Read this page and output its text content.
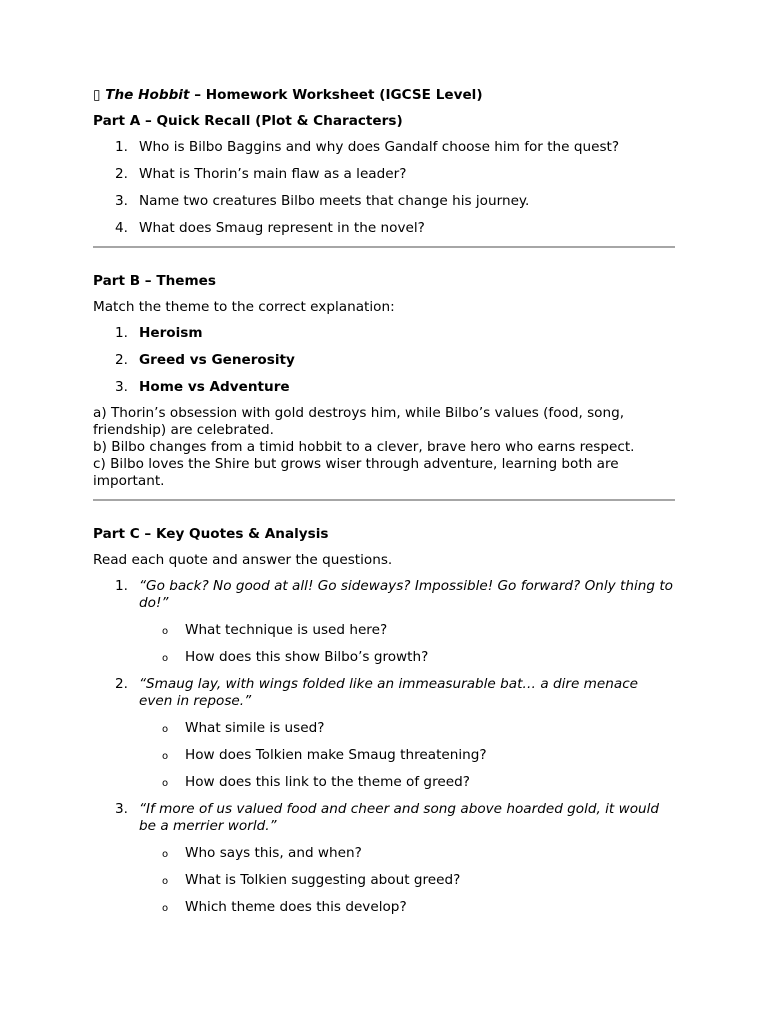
▯ The Hobbit – Homework Worksheet (IGCSE Level)

Part A – Quick Recall (Plot & Characters)

1. Who is Bilbo Baggins and why does Gandalf choose him for the quest?
2. What is Thorin’s main flaw as a leader?
3. Name two creatures Bilbo meets that change his journey.
4. What does Smaug represent in the novel?

Part B – Themes

Match the theme to the correct explanation:

1. Heroism
2. Greed vs Generosity
3. Home vs Adventure
a) Thorin’s obsession with gold destroys him, while Bilbo’s values (food, song, friendship) are celebrated.
b) Bilbo changes from a timid hobbit to a clever, brave hero who earns respect.
c) Bilbo loves the Shire but grows wiser through adventure, learning both are important.

Part C – Key Quotes & Analysis

Read each quote and answer the questions.

1. “Go back? No good at all! Go sideways? Impossible! Go forward? Only thing to do!”
o What technique is used here?
o How does this show Bilbo’s growth?
2. “Smaug lay, with wings folded like an immeasurable bat… a dire menace even in repose.”
o What simile is used?
o How does Tolkien make Smaug threatening?
o How does this link to the theme of greed?
3. “If more of us valued food and cheer and song above hoarded gold, it would be a merrier world.”
o Who says this, and when?
o What is Tolkien suggesting about greed?
o Which theme does this develop?
